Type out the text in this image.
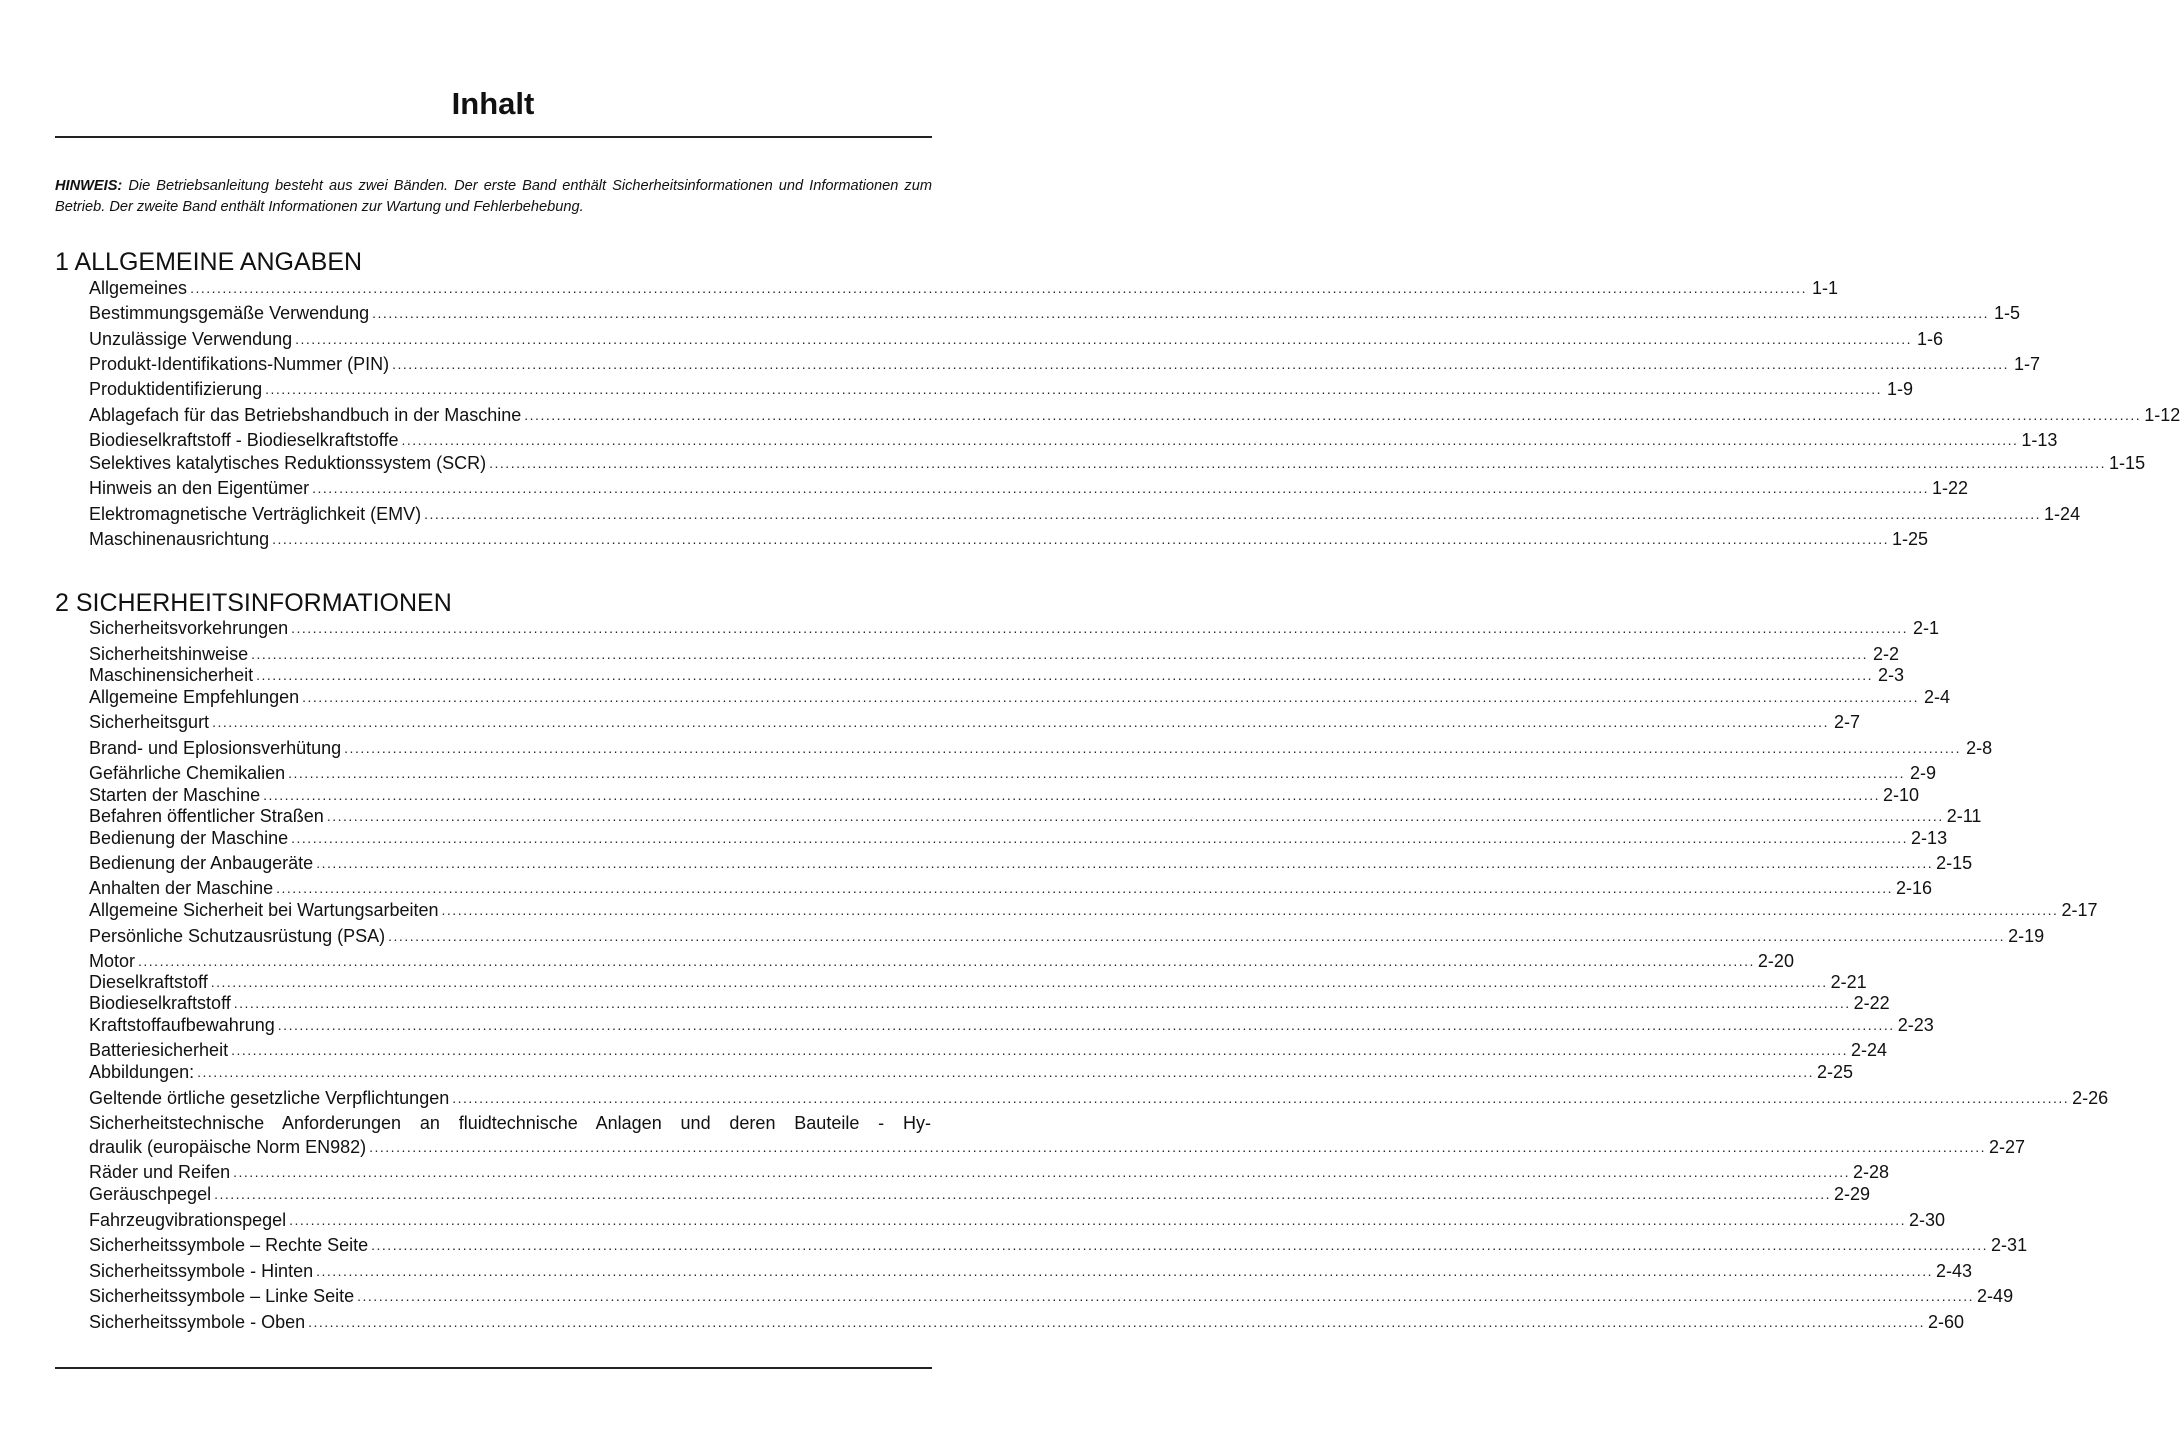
Inhalt
HINWEIS: Die Betriebsanleitung besteht aus zwei Bänden. Der erste Band enthält Sicherheitsinformationen und Informationen zum Betrieb. Der zweite Band enthält Informationen zur Wartung und Fehlerbehebung.
1 ALLGEMEINE ANGABEN
2 SICHERHEITSINFORMATIONEN
Allgemeines ............................................................................................................................................................................................................................................................................................................ 1-1
Bestimmungsgemäße Verwendung ............................................................................................................................................................................................................................................................................................................ 1-5
Unzulässige Verwendung ............................................................................................................................................................................................................................................................................................................ 1-6
Produkt-Identifikations-Nummer (PIN) ............................................................................................................................................................................................................................................................................................................ 1-7
Produktidentifizierung ............................................................................................................................................................................................................................................................................................................ 1-9
Ablagefach für das Betriebshandbuch in der Maschine ............................................................................................................................................................................................................................................................................................................ 1-12
Biodieselkraftstoff - Biodieselkraftstoffe ............................................................................................................................................................................................................................................................................................................ 1-13
Selektives katalytisches Reduktionssystem (SCR) ............................................................................................................................................................................................................................................................................................................ 1-15
Hinweis an den Eigentümer ............................................................................................................................................................................................................................................................................................................ 1-22
Elektromagnetische Verträglichkeit (EMV) ............................................................................................................................................................................................................................................................................................................ 1-24
Maschinenausrichtung ............................................................................................................................................................................................................................................................................................................ 1-25
Sicherheitsvorkehrungen ............................................................................................................................................................................................................................................................................................................ 2-1
Sicherheitshinweise ............................................................................................................................................................................................................................................................................................................ 2-2
Maschinensicherheit ............................................................................................................................................................................................................................................................................................................ 2-3
Allgemeine Empfehlungen ............................................................................................................................................................................................................................................................................................................ 2-4
Sicherheitsgurt ............................................................................................................................................................................................................................................................................................................ 2-7
Brand- und Eplosionsverhütung ............................................................................................................................................................................................................................................................................................................ 2-8
Gefährliche Chemikalien ............................................................................................................................................................................................................................................................................................................ 2-9
Starten der Maschine ............................................................................................................................................................................................................................................................................................................ 2-10
Befahren öffentlicher Straßen ............................................................................................................................................................................................................................................................................................................ 2-11
Bedienung der Maschine ............................................................................................................................................................................................................................................................................................................ 2-13
Bedienung der Anbaugeräte ............................................................................................................................................................................................................................................................................................................ 2-15
Anhalten der Maschine ............................................................................................................................................................................................................................................................................................................ 2-16
Allgemeine Sicherheit bei Wartungsarbeiten ............................................................................................................................................................................................................................................................................................................ 2-17
Persönliche Schutzausrüstung (PSA) ............................................................................................................................................................................................................................................................................................................ 2-19
Motor ............................................................................................................................................................................................................................................................................................................ 2-20
Dieselkraftstoff ............................................................................................................................................................................................................................................................................................................ 2-21
Biodieselkraftstoff ............................................................................................................................................................................................................................................................................................................ 2-22
Kraftstoffaufbewahrung ............................................................................................................................................................................................................................................................................................................ 2-23
Batteriesicherheit ............................................................................................................................................................................................................................................................................................................ 2-24
Abbildungen: ............................................................................................................................................................................................................................................................................................................ 2-25
Geltende örtliche gesetzliche Verpflichtungen ............................................................................................................................................................................................................................................................................................................ 2-26
Sicherheitstechnische Anforderungen an fluidtechnische Anlagen und deren Bauteile - Hy-
draulik (europäische Norm EN982) ............................................................................................................................................................................................................................................................................................................ 2-27
Räder und Reifen ............................................................................................................................................................................................................................................................................................................ 2-28
Geräuschpegel ............................................................................................................................................................................................................................................................................................................ 2-29
Fahrzeugvibrationspegel ............................................................................................................................................................................................................................................................................................................ 2-30
Sicherheitssymbole – Rechte Seite ............................................................................................................................................................................................................................................................................................................ 2-31
Sicherheitssymbole - Hinten ............................................................................................................................................................................................................................................................................................................ 2-43
Sicherheitssymbole – Linke Seite ............................................................................................................................................................................................................................................................................................................ 2-49
Sicherheitssymbole - Oben ............................................................................................................................................................................................................................................................................................................ 2-60
